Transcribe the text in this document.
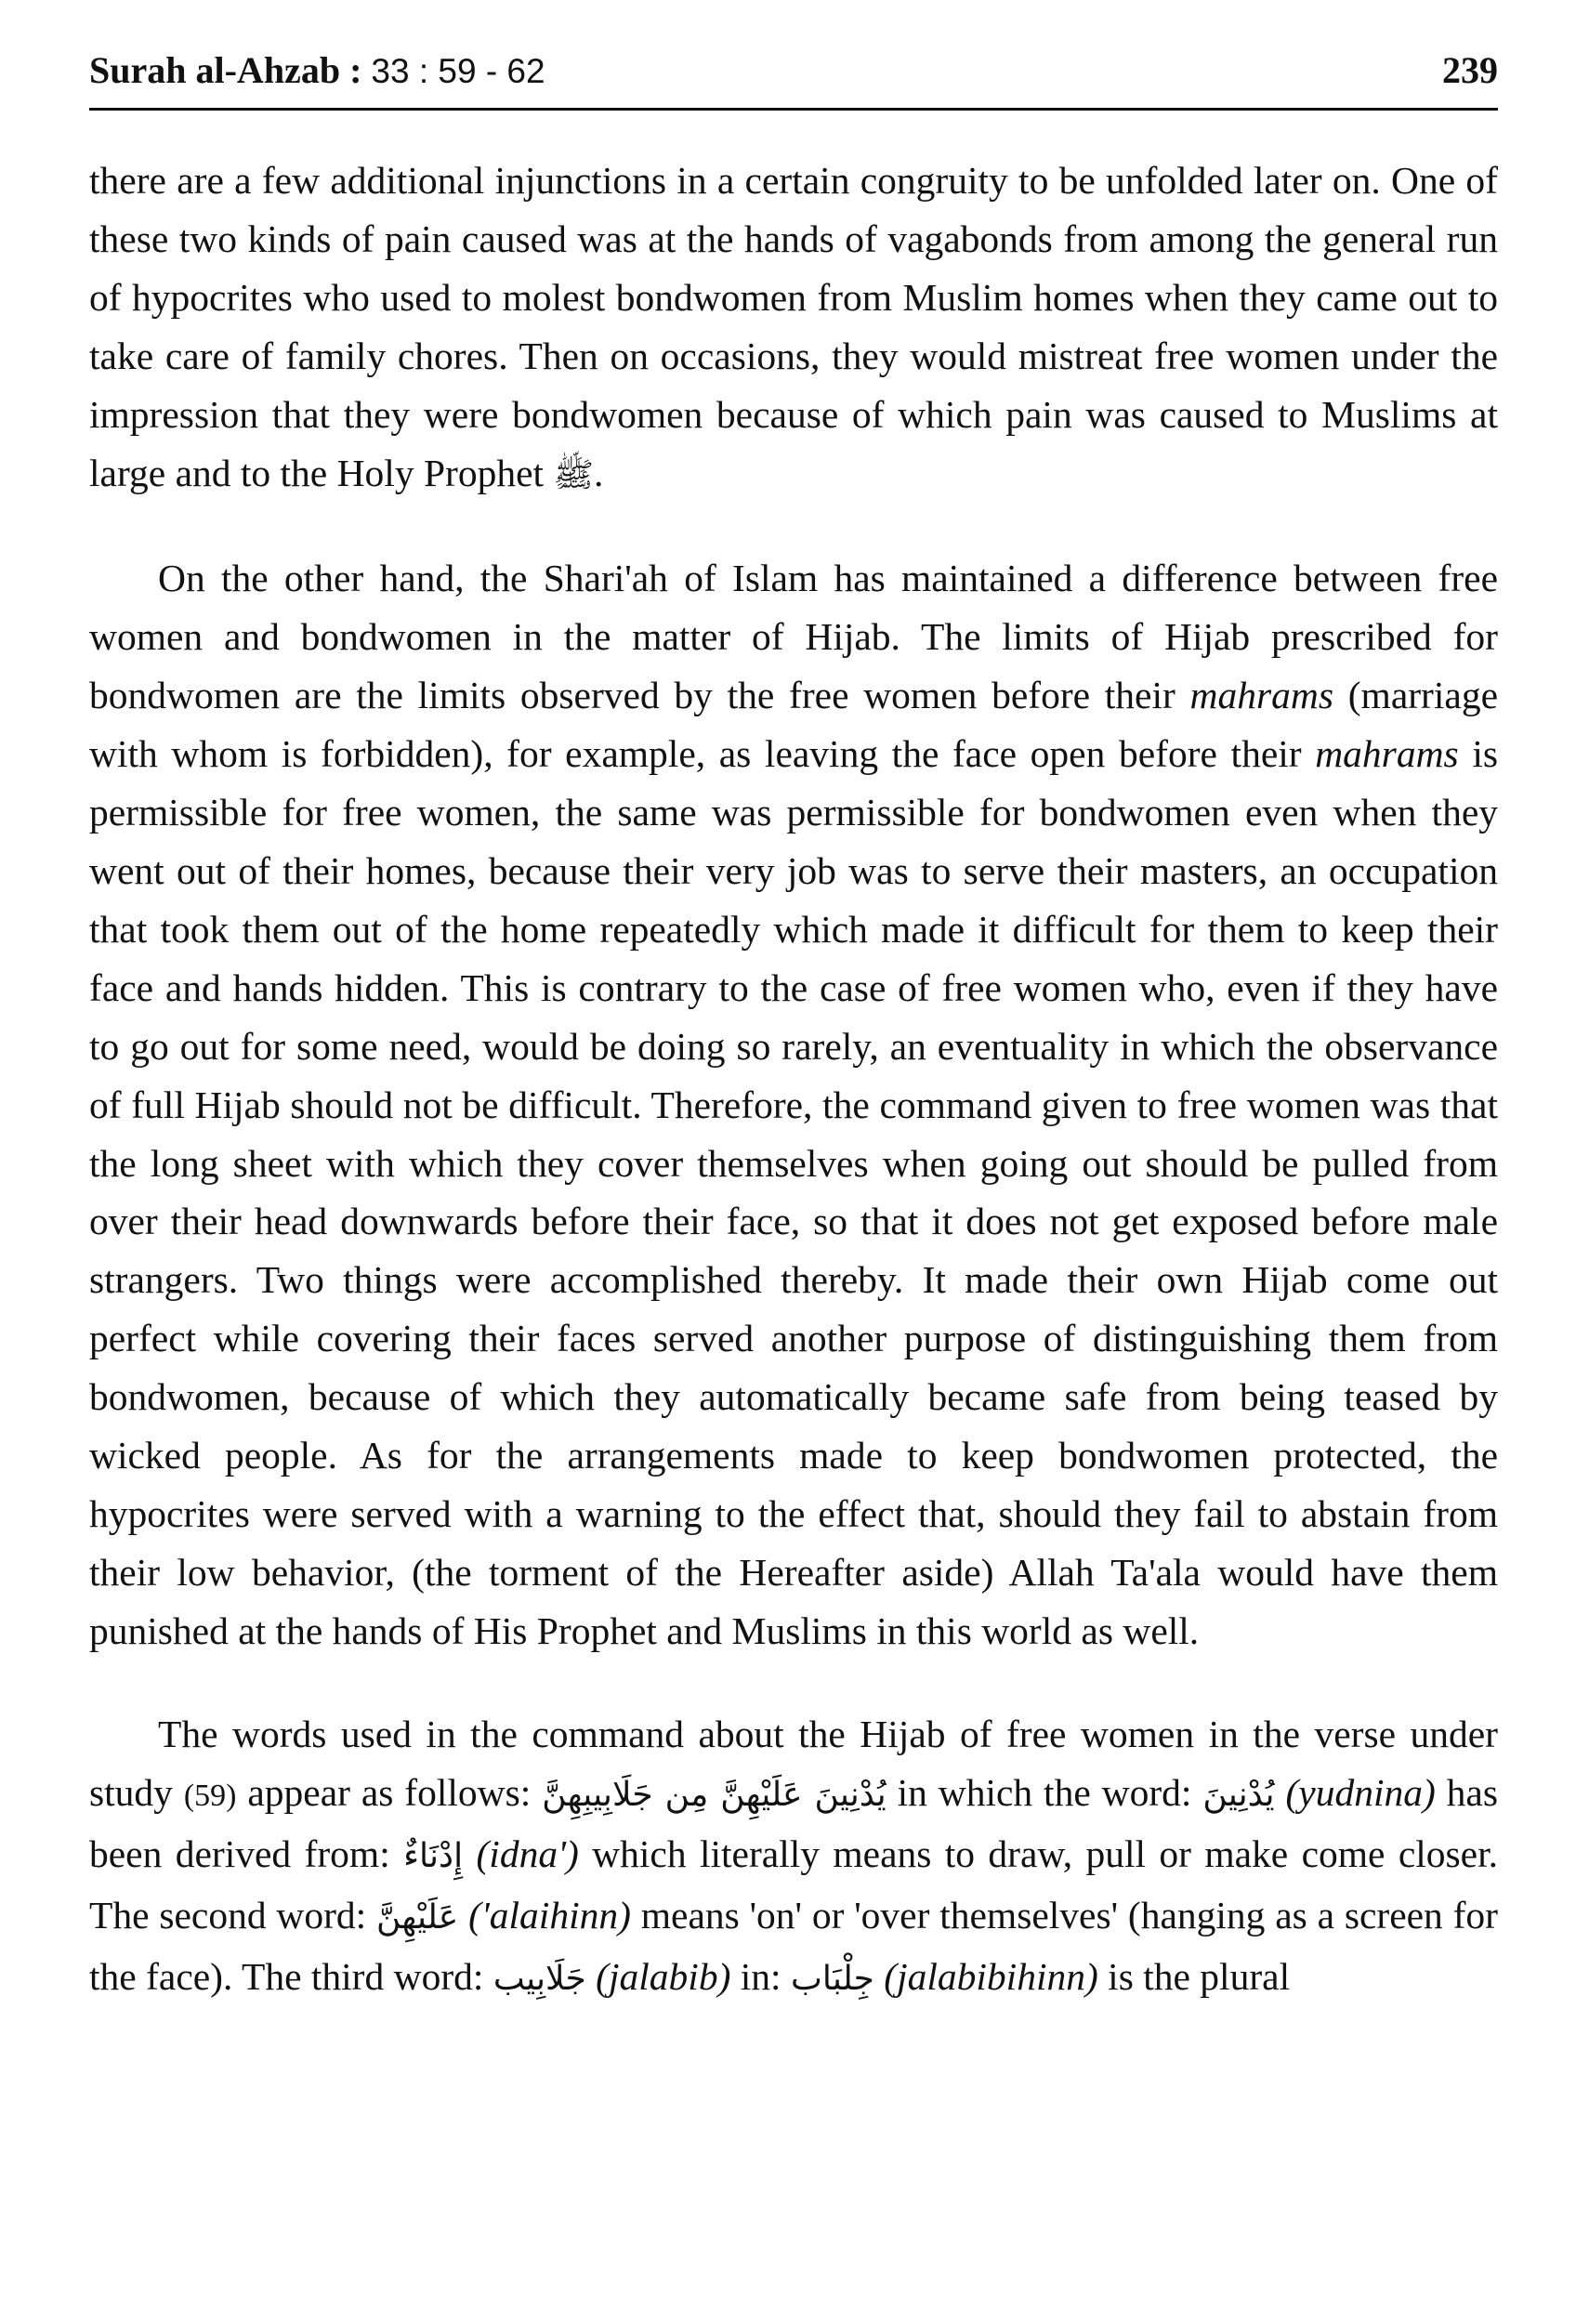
Surah al-Ahzab : 33 : 59 - 62	239

there are a few additional injunctions in a certain congruity to be unfolded later on. One of these two kinds of pain caused was at the hands of vagabonds from among the general run of hypocrites who used to molest bondwomen from Muslim homes when they came out to take care of family chores. Then on occasions, they would mistreat free women under the impression that they were bondwomen because of which pain was caused to Muslims at large and to the Holy Prophet ﷺ.

On the other hand, the Shari'ah of Islam has maintained a difference between free women and bondwomen in the matter of Hijab. The limits of Hijab prescribed for bondwomen are the limits observed by the free women before their mahrams (marriage with whom is forbidden), for example, as leaving the face open before their mahrams is permissible for free women, the same was permissible for bondwomen even when they went out of their homes, because their very job was to serve their masters, an occupation that took them out of the home repeatedly which made it difficult for them to keep their face and hands hidden. This is contrary to the case of free women who, even if they have to go out for some need, would be doing so rarely, an eventuality in which the observance of full Hijab should not be difficult. Therefore, the command given to free women was that the long sheet with which they cover themselves when going out should be pulled from over their head downwards before their face, so that it does not get exposed before male strangers. Two things were accomplished thereby. It made their own Hijab come out perfect while covering their faces served another purpose of distinguishing them from bondwomen, because of which they automatically became safe from being teased by wicked people. As for the arrangements made to keep bondwomen protected, the hypocrites were served with a warning to the effect that, should they fail to abstain from their low behavior, (the torment of the Hereafter aside) Allah Ta'ala would have them punished at the hands of His Prophet and Muslims in this world as well.

The words used in the command about the Hijab of free women in the verse under study (59) appear as follows: يُدْنِينَ عَلَيْهِنَّ مِن جَلَابِيبِهِنَّ in which the word: يُدْنِينَ (yudnina) has been derived from: إِدْنَاءٌ (idna') which literally means to draw, pull or make come closer. The second word: عَلَيْهِنَّ ('alaihinn) means 'on' or 'over themselves' (hanging as a screen for the face). The third word: جَلَابِيب (jalabib) in: جِلْبَاب (jalabibihinn) is the plural
